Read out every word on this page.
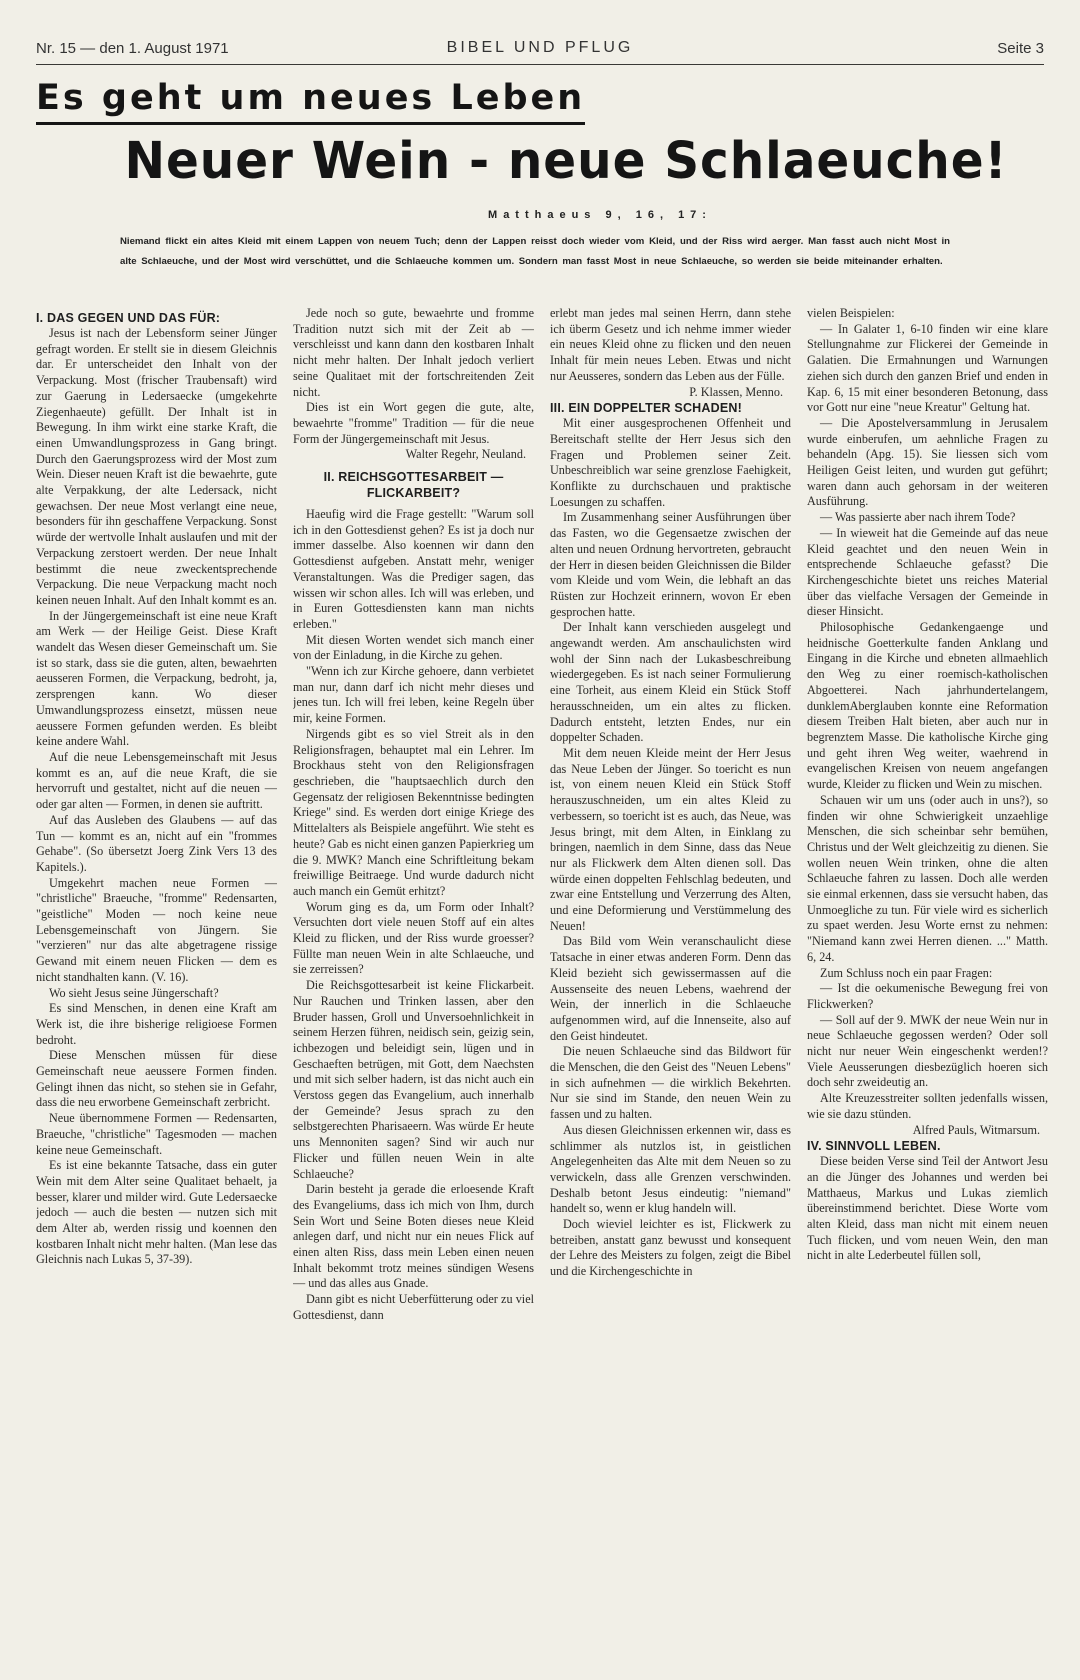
Nr. 15 — den 1. August 1971	BIBEL UND PFLUG	Seite 3
Es geht um neues Leben
Neuer Wein - neue Schlaeuche!
Matthaeus 9, 16, 17:
Niemand flickt ein altes Kleid mit einem Lappen von neuem Tuch; denn der Lappen reisst doch wieder vom Kleid, und der Riss wird aerger. Man fasst auch nicht Most in alte Schlaeuche, und der Most wird verschüttet, und die Schlaeuche kommen um. Sondern man fasst Most in neue Schlaeuche, so werden sie beide miteinander erhalten.
I. DAS GEGEN UND DAS FÜR:

Jesus ist nach der Lebensform seiner Jünger gefragt worden. Er stellt sie in diesem Gleichnis dar. Er unterscheidet den Inhalt von der Verpackung. Most (frischer Traubensaft) wird zur Gaerung in Ledersaecke (umgekehrte Ziegenhaeute) gefüllt. Der Inhalt ist in Bewegung. In ihm wirkt eine starke Kraft, die einen Umwandlungsprozess in Gang bringt. Durch den Gaerungsprozess wird der Most zum Wein. Dieser neuen Kraft ist die bewaehrte, gute alte Verpakkung, der alte Ledersack, nicht gewachsen. Der neue Most verlangt eine neue, besonders für ihn geschaffene Verpackung. Sonst würde der wertvolle Inhalt auslaufen und mit der Verpackung zerstoert werden. Der neue Inhalt bestimmt die neue zweckentsprechende Verpackung. Die neue Verpackung macht noch keinen neuen Inhalt. Auf den Inhalt kommt es an.

In der Jüngergemeinschaft ist eine neue Kraft am Werk — der Heilige Geist. Diese Kraft wandelt das Wesen dieser Gemeinschaft um. Sie ist so stark, dass sie die guten, alten, bewaehrten aeusseren Formen, die Verpackung, bedroht, ja, zersprengen kann. Wo dieser Umwandlungsprozess einsetzt, müssen neue aeussere Formen gefunden werden. Es bleibt keine andere Wahl.

Auf die neue Lebensgemeinschaft mit Jesus kommt es an, auf die neue Kraft, die sie hervorruft und gestaltet, nicht auf die neuen — oder gar alten — Formen, in denen sie auftritt.

Auf das Ausleben des Glaubens — auf das Tun — kommt es an, nicht auf ein "frommes Gehabe". (So übersetzt Joerg Zink Vers 13 des Kapitels.).

Umgekehrt machen neue Formen — "christliche" Braeuche, "fromme" Redensarten, "geistliche" Moden — noch keine neue Lebensgemeinschaft von Jüngern. Sie "verzieren" nur das alte abgetragene rissige Gewand mit einem neuen Flicken — dem es nicht standhalten kann. (V. 16).

Wo sieht Jesus seine Jüngerschaft?

Es sind Menschen, in denen eine Kraft am Werk ist, die ihre bisherige religioese Formen bedroht.

Diese Menschen müssen für diese Gemeinschaft neue aeussere Formen finden. Gelingt ihnen das nicht, so stehen sie in Gefahr, dass die neu erworbene Gemeinschaft zerbricht.

Neue übernommene Formen — Redensarten, Braeuche, "christliche" Tagesmoden — machen keine neue Gemeinschaft.

Es ist eine bekannte Tatsache, dass ein guter Wein mit dem Alter seine Qualitaet behaelt, ja besser, klarer und milder wird. Gute Ledersaecke jedoch — auch die besten — nutzen sich mit dem Alter ab, werden rissig und koennen den kostbaren Inhalt nicht mehr halten. (Man lese das Gleichnis nach Lukas 5, 37-39).

Jede noch so gute, bewaehrte und fromme Tradition nutzt sich mit der Zeit ab — verschleisst und kann dann den kostbaren Inhalt nicht mehr halten. Der Inhalt jedoch verliert seine Qualitaet mit der fortschreitenden Zeit nicht.

Dies ist ein Wort gegen die gute, alte, bewaehrte "fromme" Tradition — für die neue Form der Jüngergemeinschaft mit Jesus.

Walter Regehr, Neuland.

II. REICHSGOTTESARBEIT — FLICKARBEIT?

Haeufig wird die Frage gestellt: "Warum soll ich in den Gottesdienst gehen? Es ist ja doch nur immer dasselbe. Also koennen wir dann den Gottesdienst aufgeben. Anstatt mehr, weniger Veranstaltungen. Was die Prediger sagen, das wissen wir schon alles. Ich will was erleben, und in Euren Gottesdiensten kann man nichts erleben."

Mit diesen Worten wendet sich manch einer von der Einladung, in die Kirche zu gehen.

"Wenn ich zur Kirche gehoere, dann verbietet man nur, dann darf ich nicht mehr dieses und jenes tun. Ich will frei leben, keine Regeln über mir, keine Formen.

Nirgends gibt es so viel Streit als in den Religionsfragen, behauptet mal ein Lehrer. Im Brockhaus steht von den Religionsfragen geschrieben, die "hauptsaechlich durch den Gegensatz der religiosen Bekenntnisse bedingten Kriege" sind. Es werden dort einige Kriege des Mittelalters als Beispiele angeführt. Wie steht es heute? Gab es nicht einen ganzen Papierkrieg um die 9. MWK? Manch eine Schriftleitung bekam freiwillige Beitraege. Und wurde dadurch nicht auch manch ein Gemüt erhitzt?

Worum ging es da, um Form oder Inhalt? Versuchten dort viele neuen Stoff auf ein altes Kleid zu flicken, und der Riss wurde groesser? Füllte man neuen Wein in alte Schlaeuche, und sie zerreissen?

Die Reichsgottesarbeit ist keine Flickarbeit. Nur Rauchen und Trinken lassen, aber den Bruder hassen, Groll und Unversoehnlichkeit in seinem Herzen führen, neidisch sein, geizig sein, ichbezogen und beleidigt sein, lügen und in Geschaeften betrügen, mit Gott, dem Naechsten und mit sich selber hadern, ist das nicht auch ein Verstoss gegen das Evangelium, auch innerhalb der Gemeinde? Jesus sprach zu den selbstgerechten Pharisaeern. Was würde Er heute uns Mennoniten sagen? Sind wir auch nur Flicker und füllen neuen Wein in alte Schlaeuche?

Darin besteht ja gerade die erloesende Kraft des Evangeliums, dass ich mich von Ihm, durch Sein Wort und Seine Boten dieses neue Kleid anlegen darf, und nicht nur ein neues Flick auf einen alten Riss, dass mein Leben einen neuen Inhalt bekommt trotz meines sündigen Wesens — und das alles aus Gnade.

Dann gibt es nicht Ueberfütterung oder zu viel Gottesdienst, dann

erlebt man jedes mal seinen Herrn, dann stehe ich überm Gesetz und ich nehme immer wieder ein neues Kleid ohne zu flicken und den neuen Inhalt für mein neues Leben. Etwas und nicht nur Aeusseres, sondern das Leben aus der Fülle.

P. Klassen, Menno.

III. EIN DOPPELTER SCHADEN!

Mit einer ausgesprochenen Offenheit und Bereitschaft stellte der Herr Jesus sich den Fragen und Problemen seiner Zeit. Unbeschreiblich war seine grenzlose Faehigkeit, Konflikte zu durchschauen und praktische Loesungen zu schaffen.

Im Zusammenhang seiner Ausführungen über das Fasten, wo die Gegensaetze zwischen der alten und neuen Ordnung hervortreten, gebraucht der Herr in diesen beiden Gleichnissen die Bilder vom Kleide und vom Wein, die lebhaft an das Rüsten zur Hochzeit erinnern, wovon Er eben gesprochen hatte.

Der Inhalt kann verschieden ausgelegt und angewandt werden. Am anschaulichsten wird wohl der Sinn nach der Lukasbeschreibung wiedergegeben. Es ist nach seiner Formulierung eine Torheit, aus einem Kleid ein Stück Stoff herausschneiden, um ein altes zu flicken. Dadurch entsteht, letzten Endes, nur ein doppelter Schaden.

Mit dem neuen Kleide meint der Herr Jesus das Neue Leben der Jünger. So toericht es nun ist, von einem neuen Kleid ein Stück Stoff herauszuschneiden, um ein altes Kleid zu verbessern, so toericht ist es auch, das Neue, was Jesus bringt, mit dem Alten, in Einklang zu bringen, naemlich in dem Sinne, dass das Neue nur als Flickwerk dem Alten dienen soll. Das würde einen doppelten Fehlschlag bedeuten, und zwar eine Entstellung und Verzerrung des Alten, und eine Deformierung und Verstümmelung des Neuen!

Das Bild vom Wein veranschaulicht diese Tatsache in einer etwas anderen Form. Denn das Kleid bezieht sich gewissermassen auf die Aussenseite des neuen Lebens, waehrend der Wein, der innerlich in die Schlaeuche aufgenommen wird, auf die Innenseite, also auf den Geist hindeutet.

Die neuen Schlaeuche sind das Bildwort für die Menschen, die den Geist des "Neuen Lebens" in sich aufnehmen — die wirklich Bekehrten. Nur sie sind im Stande, den neuen Wein zu fassen und zu halten.

Aus diesen Gleichnissen erkennen wir, dass es schlimmer als nutzlos ist, in geistlichen Angelegenheiten das Alte mit dem Neuen so zu verwickeln, dass alle Grenzen verschwinden. Deshalb betont Jesus eindeutig: "niemand" handelt so, wenn er klug handeln will.

Doch wieviel leichter es ist, Flickwerk zu betreiben, anstatt ganz bewusst und konsequent der Lehre des Meisters zu folgen, zeigt die Bibel und die Kirchengeschichte in

vielen Beispielen:

— In Galater 1, 6-10 finden wir eine klare Stellungnahme zur Flickerei der Gemeinde in Galatien. Die Ermahnungen und Warnungen ziehen sich durch den ganzen Brief und enden in Kap. 6, 15 mit einer besonderen Betonung, dass vor Gott nur eine "neue Kreatur" Geltung hat.

— Die Apostelversammlung in Jerusalem wurde einberufen, um aehnliche Fragen zu behandeln (Apg. 15). Sie liessen sich vom Heiligen Geist leiten, und wurden gut geführt; waren dann auch gehorsam in der weiteren Ausführung.

— Was passierte aber nach ihrem Tode?

— In wieweit hat die Gemeinde auf das neue Kleid geachtet und den neuen Wein in entsprechende Schlaeuche gefasst? Die Kirchengeschichte bietet uns reiches Material über das vielfache Versagen der Gemeinde in dieser Hinsicht.

Philosophische Gedankengaenge und heidnische Goetterkulte fanden Anklang und Eingang in die Kirche und ebneten allmaehlich den Weg zu einer roemisch-katholischen Abgoetterei. Nach jahrhundertelangem, dunklemAberglauben konnte eine Reformation diesem Treiben Halt bieten, aber auch nur in begrenztem Masse. Die katholische Kirche ging und geht ihren Weg weiter, waehrend in evangelischen Kreisen von neuem angefangen wurde, Kleider zu flicken und Wein zu mischen.

Schauen wir um uns (oder auch in uns?), so finden wir ohne Schwierigkeit unzaehlige Menschen, die sich scheinbar sehr bemühen, Christus und der Welt gleichzeitig zu dienen. Sie wollen neuen Wein trinken, ohne die alten Schlaeuche fahren zu lassen. Doch alle werden sie einmal erkennen, dass sie versucht haben, das Unmoegliche zu tun. Für viele wird es sicherlich zu spaet werden. Jesu Worte ernst zu nehmen: "Niemand kann zwei Herren dienen. ..." Matth. 6, 24.

Zum Schluss noch ein paar Fragen:

— Ist die oekumenische Bewegung frei von Flickwerken?

— Soll auf der 9. MWK der neue Wein nur in neue Schlaeuche gegossen werden? Oder soll nicht nur neuer Wein eingeschenkt werden!? Viele Aeusserungen diesbezüglich hoeren sich doch sehr zweideutig an.

Alte Kreuzesstreiter sollten jedenfalls wissen, wie sie dazu stünden.

Alfred Pauls, Witmarsum.

IV. SINNVOLL LEBEN.

Diese beiden Verse sind Teil der Antwort Jesu an die Jünger des Johannes und werden bei Matthaeus, Markus und Lukas ziemlich übereinstimmend berichtet. Diese Worte vom alten Kleid, dass man nicht mit einem neuen Tuch flicken, und vom neuen Wein, den man nicht in alte Lederbeutel füllen soll,
